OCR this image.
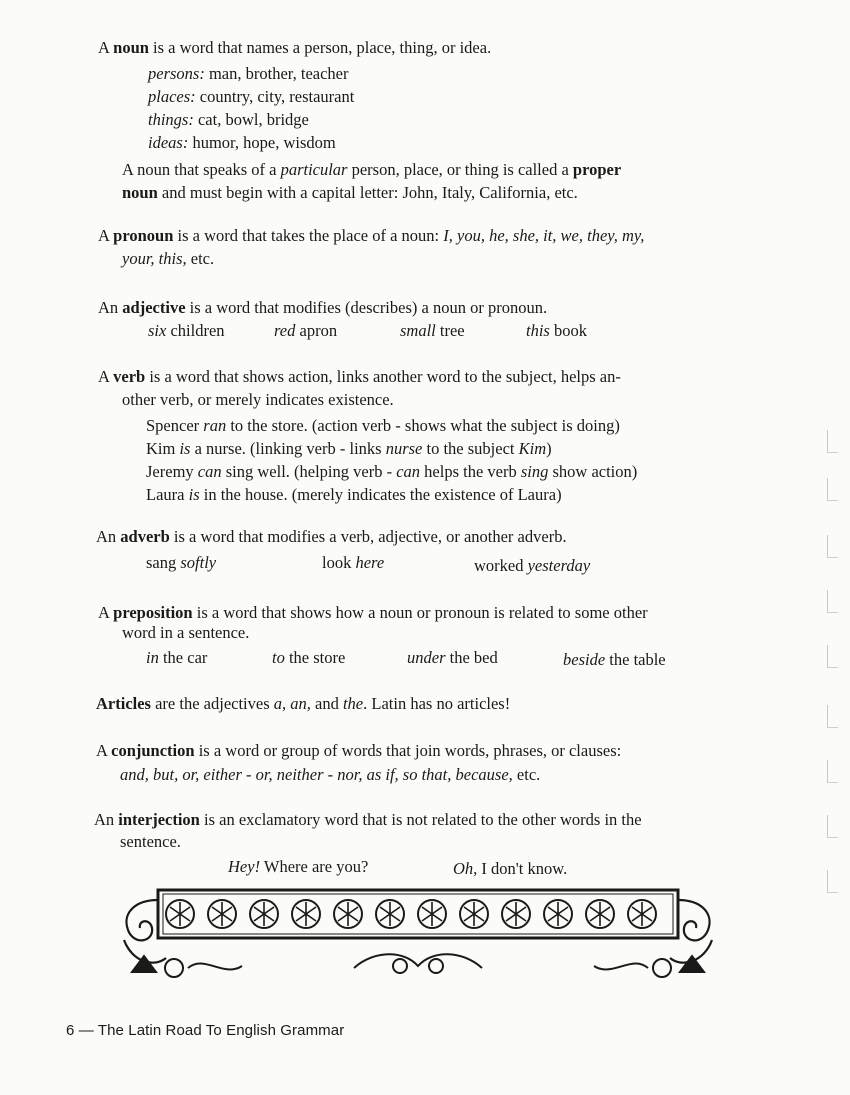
A noun is a word that names a person, place, thing, or idea.
persons: man, brother, teacher
places: country, city, restaurant
things: cat, bowl, bridge
ideas: humor, hope, wisdom
A noun that speaks of a particular person, place, or thing is called a proper
noun and must begin with a capital letter: John, Italy, California, etc.
A pronoun is a word that takes the place of a noun: I, you, he, she, it, we, they, my,
your, this, etc.
An adjective is a word that modifies (describes) a noun or pronoun.
six children	red apron	small tree	this book
A verb is a word that shows action, links another word to the subject, helps an-
other verb, or merely indicates existence.
Spencer ran to the store. (action verb - shows what the subject is doing)
Kim is a nurse. (linking verb - links nurse to the subject Kim)
Jeremy can sing well. (helping verb - can helps the verb sing show action)
Laura is in the house. (merely indicates the existence of Laura)
An adverb is a word that modifies a verb, adjective, or another adverb.
sang softly	look here	worked yesterday
A preposition is a word that shows how a noun or pronoun is related to some other
word in a sentence.
in the car	to the store	under the bed	beside the table
Articles are the adjectives a, an, and the. Latin has no articles!
A conjunction is a word or group of words that join words, phrases, or clauses:
and, but, or, either - or, neither - nor, as if, so that, because, etc.
An interjection is an exclamatory word that is not related to the other words in the
sentence.
Hey! Where are you?	Oh, I don't know.
6 — The Latin Road To English Grammar
